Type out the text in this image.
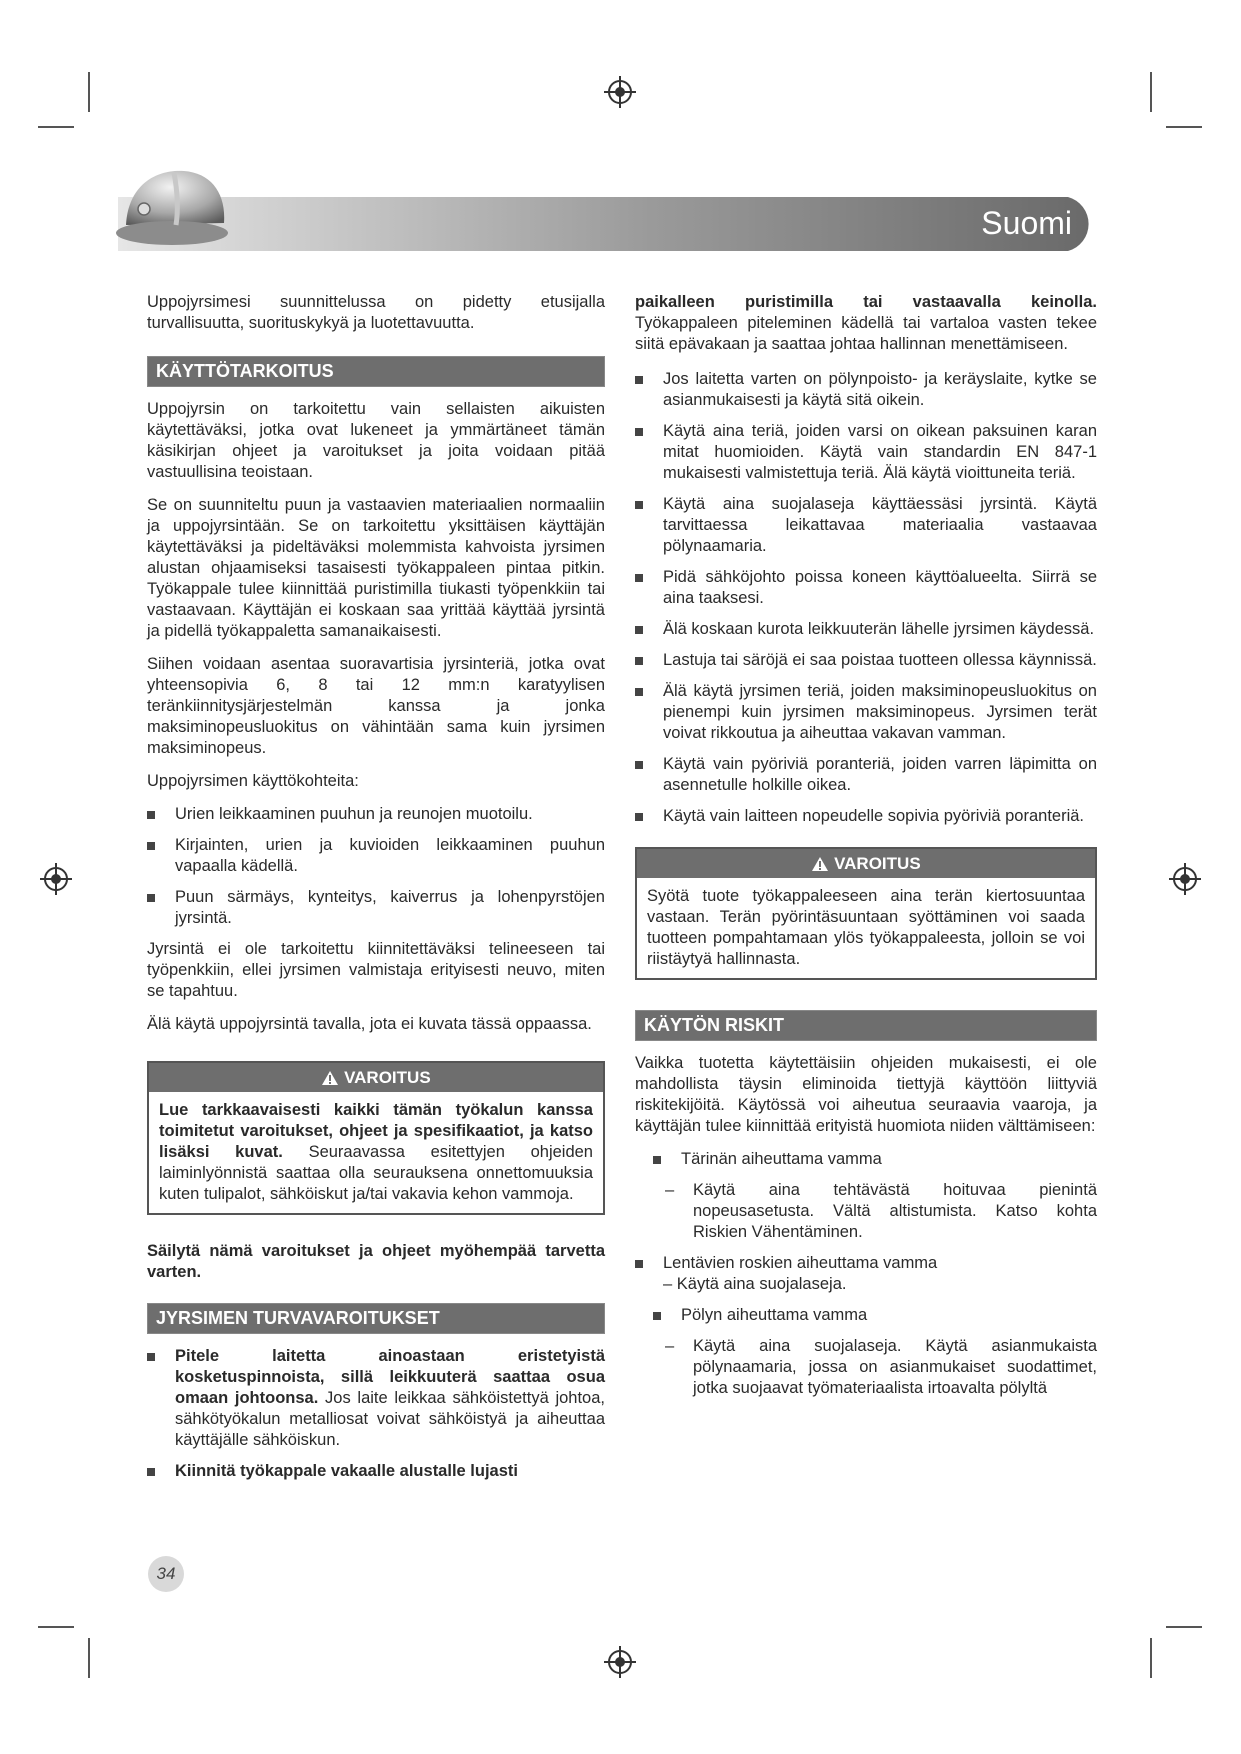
Suomi

Uppojyrsimesi suunnittelussa on pidetty etusijalla turvallisuutta, suorituskykyä ja luotettavuutta.

KÄYTTÖTARKOITUS

Uppojyrsin on tarkoitettu vain sellaisten aikuisten käytettäväksi, jotka ovat lukeneet ja ymmärtäneet tämän käsikirjan ohjeet ja varoitukset ja joita voidaan pitää vastuullisina teoistaan.

Se on suunniteltu puun ja vastaavien materiaalien normaaliin ja uppojyrsintään. Se on tarkoitettu yksittäisen käyttäjän käytettäväksi ja pideltäväksi molemmista kahvoista jyrsimen alustan ohjaamiseksi tasaisesti työkappaleen pintaa pitkin. Työkappale tulee kiinnittää puristimilla tiukasti työpenkkiin tai vastaavaan. Käyttäjän ei koskaan saa yrittää käyttää jyrsintä ja pidellä työkappaletta samanaikaisesti.

Siihen voidaan asentaa suoravartisia jyrsinteriä, jotka ovat yhteensopivia 6, 8 tai 12 mm:n karatyylisen teränkiinnitysjärjestelmän kanssa ja jonka maksiminopeusluokitus on vähintään sama kuin jyrsimen maksiminopeus.

Uppojyrsimen käyttökohteita:

Urien leikkaaminen puuhun ja reunojen muotoilu.
Kirjainten, urien ja kuvioiden leikkaaminen puuhun vapaalla kädellä.
Puun särmäys, kynteitys, kaiverrus ja lohenpyrstöjen jyrsintä.

Jyrsintä ei ole tarkoitettu kiinnitettäväksi telineeseen tai työpenkkiin, ellei jyrsimen valmistaja erityisesti neuvo, miten se tapahtuu.

Älä käytä uppojyrsintä tavalla, jota ei kuvata tässä oppaassa.

VAROITUS
Lue tarkkaavaisesti kaikki tämän työkalun kanssa toimitetut varoitukset, ohjeet ja spesifikaatiot, ja katso lisäksi kuvat. Seuraavassa esitettyjen ohjeiden laiminlyönnistä saattaa olla seurauksena onnettomuuksia kuten tulipalot, sähköiskut ja/tai vakavia kehon vammoja.

Säilytä nämä varoitukset ja ohjeet myöhempää tarvetta varten.

JYRSIMEN TURVAVAROITUKSET
Pitele laitetta ainoastaan eristetyistä kosketuspinnoista, sillä leikkuuterä saattaa osua omaan johtoonsa. Jos laite leikkaa sähköistettyä johtoa, sähkötyökalun metalliosat voivat sähköistyä ja aiheuttaa käyttäjälle sähköiskun.
Kiinnitä työkappale vakaalle alustalle lujasti

paikalleen puristimilla tai vastaavalla keinolla. Työkappaleen piteleminen kädellä tai vartaloa vasten tekee siitä epävakaan ja saattaa johtaa hallinnan menettämiseen.

Jos laitetta varten on pölynpoisto- ja keräyslaite, kytke se asianmukaisesti ja käytä sitä oikein.
Käytä aina teriä, joiden varsi on oikean paksuinen karan mitat huomioiden. Käytä vain standardin EN 847-1 mukaisesti valmistettuja teriä. Älä käytä vioittuneita teriä.
Käytä aina suojalaseja käyttäessäsi jyrsintä. Käytä tarvittaessa leikattavaa materiaalia vastaavaa pölynaamaria.
Pidä sähköjohto poissa koneen käyttöalueelta. Siirrä se aina taaksesi.
Älä koskaan kurota leikkuuterän lähelle jyrsimen käydessä.
Lastuja tai säröjä ei saa poistaa tuotteen ollessa käynnissä.
Älä käytä jyrsimen teriä, joiden maksiminopeusluokitus on pienempi kuin jyrsimen maksiminopeus. Jyrsimen terät voivat rikkoutua ja aiheuttaa vakavan vamman.
Käytä vain pyöriviä poranteriä, joiden varren läpimitta on asennetulle holkille oikea.
Käytä vain laitteen nopeudelle sopivia pyöriviä poranteriä.
VAROITUS
Syötä tuote työkappaleeseen aina terän kiertosuuntaa vastaan. Terän pyörintäsuuntaan syöttäminen voi saada tuotteen pompahtamaan ylös työkappaleesta, jolloin se voi riistäytyä hallinnasta.
KÄYTÖN RISKIT

Vaikka tuotetta käytettäisiin ohjeiden mukaisesti, ei ole mahdollista täysin eliminoida tiettyjä käyttöön liittyviä riskitekijöitä. Käytössä voi aiheutua seuraavia vaaroja, ja käyttäjän tulee kiinnittää erityistä huomiota niiden välttämiseen:

Tärinän aiheuttama vamma
– Käytä aina tehtävästä hoituvaa pienintä nopeusasetusta. Vältä altistumista. Katso kohta Riskien Vähentäminen.
Lentävien roskien aiheuttama vamma
– Käytä aina suojalaseja.
Pölyn aiheuttama vamma
– Käytä aina suojalaseja. Käytä asianmukaista pölynaamaria, jossa on asianmukaiset suodattimet, jotka suojaavat työmateriaalista irtoavalta pölyltä
34
